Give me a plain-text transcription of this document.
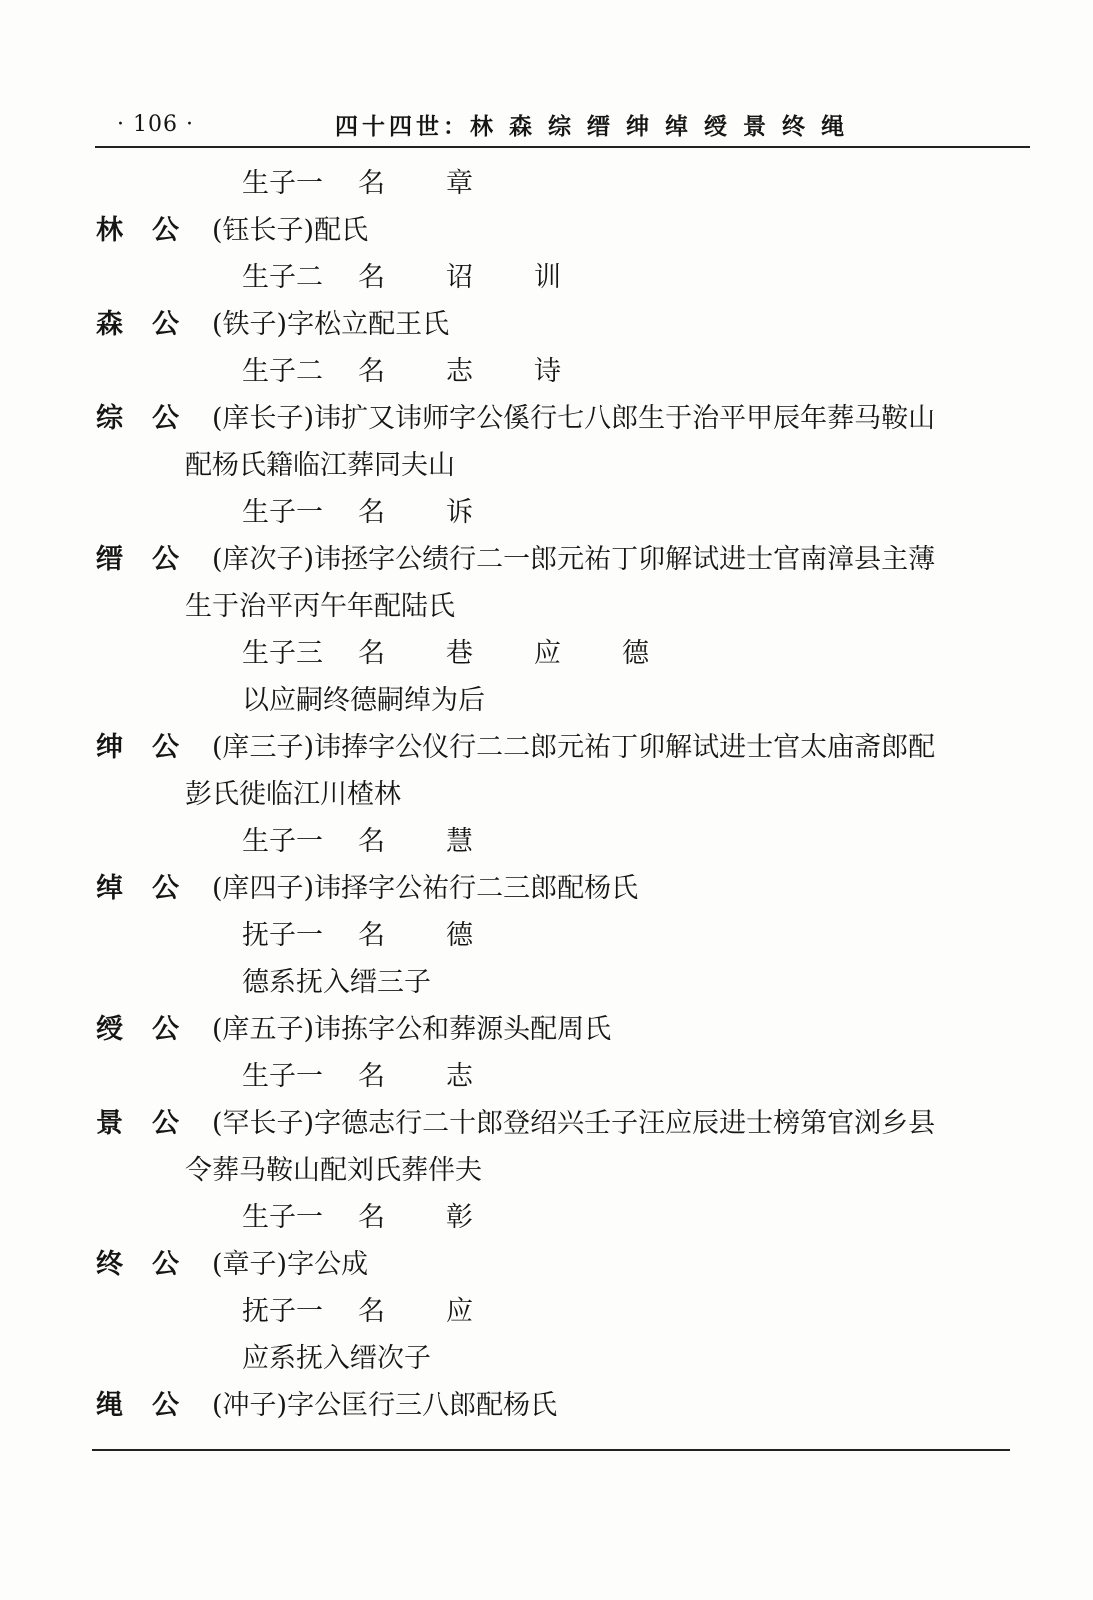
· 106 ·	四十四世：林 森 综 缙 绅 绰 绶 景 终 绳
生子一 名 章
林 公 (钰长子)配氏
生子二 名 诏 训
森 公 (铁子)字松立配王氏
生子二 名 志 诗
综 公 (庠长子)讳扩又讳师字公傒行七八郎生于治平甲辰年葬马鞍山
配杨氏籍临江葬同夫山
生子一 名 诉
缙 公 (庠次子)讳拯字公绩行二一郎元祐丁卯解试进士官南漳县主薄
生于治平丙午年配陆氏
生子三 名 巷 应 德
以应嗣终德嗣绰为后
绅 公 (庠三子)讳捧字公仪行二二郎元祐丁卯解试进士官太庙斋郎配
彭氏徙临江川楂林
生子一 名 慧
绰 公 (庠四子)讳择字公祐行二三郎配杨氏
抚子一 名 德
德系抚入缙三子
绶 公 (庠五子)讳拣字公和葬源头配周氏
生子一 名 志
景 公 (罕长子)字德志行二十郎登绍兴壬子汪应辰进士榜第官浏乡县
令葬马鞍山配刘氏葬伴夫
生子一 名 彰
终 公 (章子)字公成
抚子一 名 应
应系抚入缙次子
绳 公 (冲子)字公匡行三八郎配杨氏
